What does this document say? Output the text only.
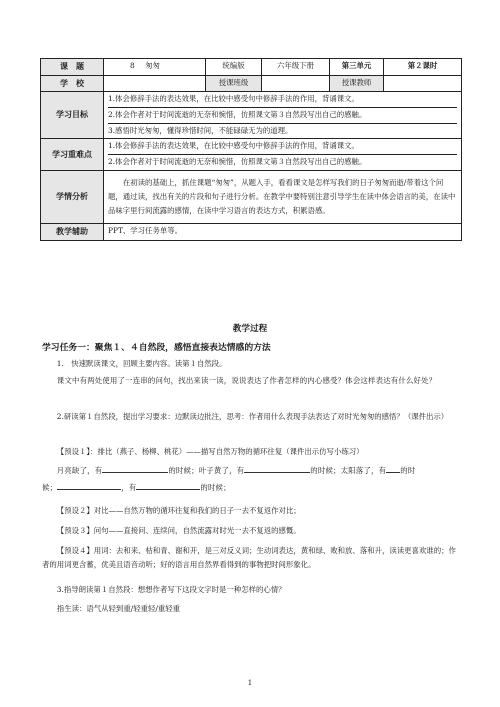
课　题	8 匆匆	统编版	六年级下册	第三单元	第２课时
学　校		授课班级		授课教师	
学习目标	1.体会修辞手法的表达效果，在比较中感受句中修辞手法的作用，背诵课文。
2.体会作者对于时间流逝的无奈和惋惜，仿照课文第３自然段写出自己的感触。
3.感悟时光匆匆，懂得珍惜时间，不能碌碌无为的道理。				

学习重难点	1.体会修辞手法的表达效果，在比较中感受句中修辞手法的作用，背诵课文。
2.体会作者对于时间流逝的无奈和惋惜，仿照课文第３自然段写出自己的感触。				

学情分析	在初读的基础上，抓住课题“匆匆”，从题入手，看看课文是怎样写我们的日子匆匆而逝/带着这个问题，通过读，找出有关的片段和句子进行分析。在教学中要特别注意引导学生在读中体会语言的美，在读中品味字里行间流露的感情，在读中学习语言的表达方式，积累语感。				

教学辅助	PPT、学习任务单等。				
教学过程
学习任务一：聚焦１、４自然段，感悟直接表达情感的方法
1.　快速默读课文，回顾主要内容。读第１自然段。
课文中有两处使用了一连串的问句，找出来读一读，说说表达了作者怎样的内心感受？体会这样表达有什么好处？
2.研读第１自然段，提出学习要求：边默读边批注，思考：作者用什么表现手法表达了对时光匆匆的感悟？（课件出示）
【预设１】：排比（燕子、杨柳、桃花）——描写自然万物的循环往复（课件出示仿写小练习）
月亮缺了，有	的时候；叶子黄了，有	的时候；太阳落了，有 的时
候；	，有	的时候；
【预设２】对比——自然万物的循环往复和我们的日子一去不复返作对比；
【预设３】问句——直接问、连续问，自然流露对时光一去不复返的感慨。
【预设４】用词：去和来、枯和青、谢和开，是三对反义词；生动词表达，黄和绿、败和放、落和升，读读更喜欢谁的；作者的用词更含蓄，优美且语音动听；好的语言用自然界看得到的事物把时间形象化。
3.指导朗读第１自然段：想想作者写下这段文字时是一种怎样的心情？
指生读：语气从轻到重/轻重轻/重轻重
1
